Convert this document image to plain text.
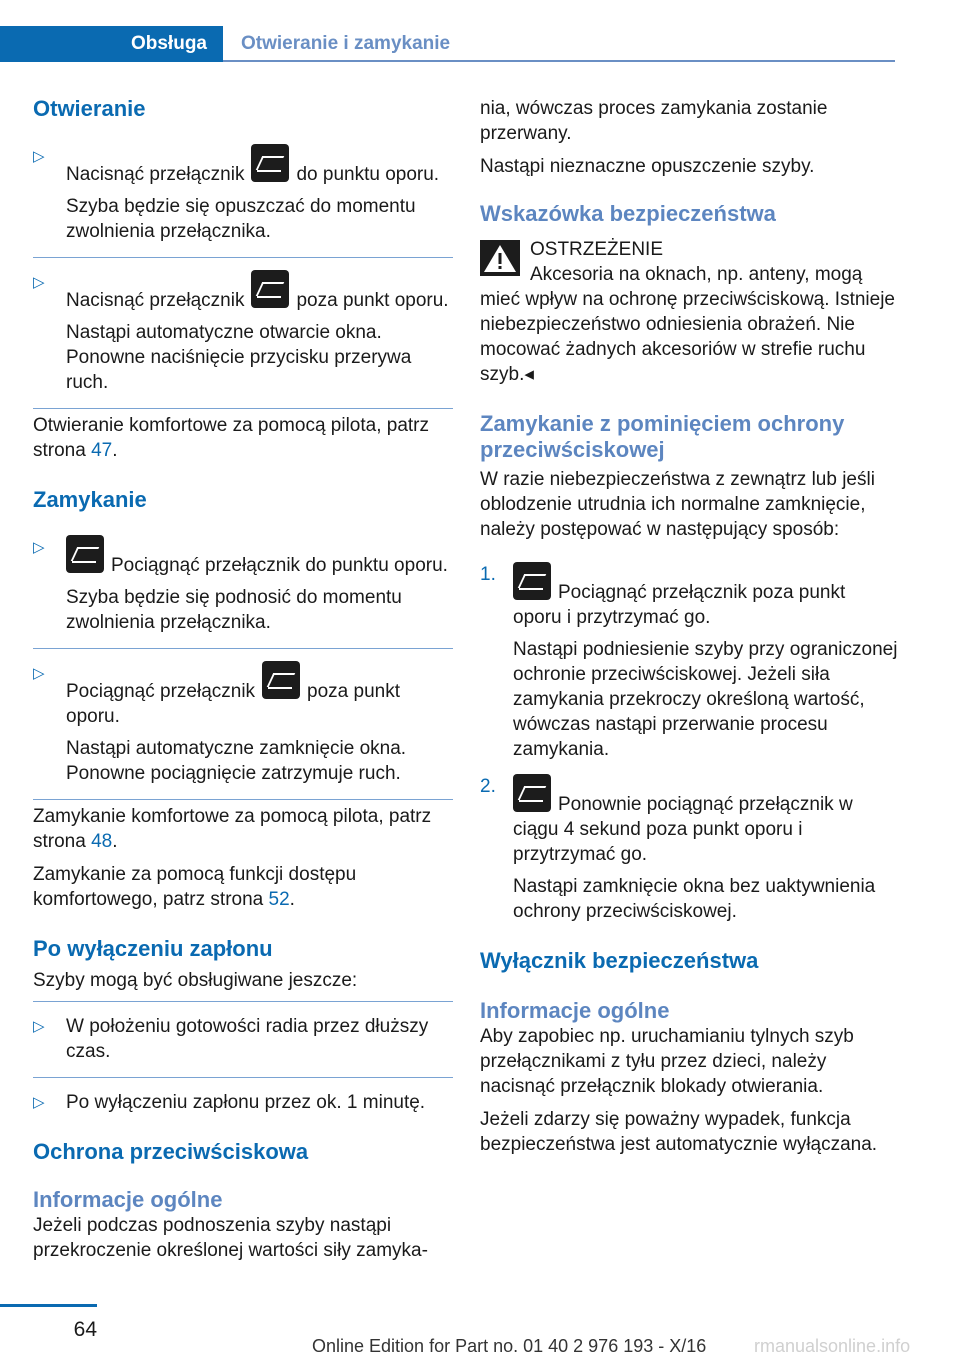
Obsługa	Otwieranie i zamykanie
Otwieranie
▷

Nacisnąć przełącznik	do punktu oporu.

Szyba będzie się opuszczać do momentu zwolnienia przełącznika.

▷

Nacisnąć przełącznik	poza punkt oporu.

Nastąpi automatyczne otwarcie okna. Ponowne naciśnięcie przycisku przerywa ruch.

Otwieranie komfortowe za pomocą pilota, patrz strona 47.

Zamykanie
▷

Pociągnąć przełącznik do punktu oporu.

Szyba będzie się podnosić do momentu zwolnienia przełącznika.

▷

Pociągnąć przełącznik	poza punkt oporu.

Nastąpi automatyczne zamknięcie okna. Ponowne pociągnięcie zatrzymuje ruch.

Zamykanie komfortowe za pomocą pilota, patrz strona 48.

Zamykanie za pomocą funkcji dostępu komfortowego, patrz strona 52.

Po wyłączeniu zapłonu

Szyby mogą być obsługiwane jeszcze:

▷ W położeniu gotowości radia przez dłuższy czas.

▷ Po wyłączeniu zapłonu przez ok. 1 minutę.

Ochrona przeciwściskowa
Informacje ogólne

Jeżeli podczas podnoszenia szyby nastąpi przekroczenie określonej wartości siły zamyka-

nia, wówczas proces zamykania zostanie przerwany.

Nastąpi nieznaczne opuszczenie szyby.

Wskazówka bezpieczeństwa

OSTRZEŻENIE

Akcesoria na oknach, np. anteny, mogą mieć wpływ na ochronę przeciwściskową. Istnieje niebezpieczeństwo odniesienia obrażeń. Nie mocować żadnych akcesoriów w strefie ruchu szyb.◂

Zamykanie z pominięciem ochrony przeciwściskowej

W razie niebezpieczeństwa z zewnątrz lub jeśli oblodzenie utrudnia ich normalne zamknięcie, należy postępować w następujący sposób:

1.

Pociągnąć przełącznik poza punkt oporu i przytrzymać go.

Nastąpi podniesienie szyby przy ograniczonej ochronie przeciwściskowej. Jeżeli siła zamykania przekroczy określoną wartość, wówczas nastąpi przerwanie procesu zamykania.

2.

Ponownie pociągnąć przełącznik w ciągu 4 sekund poza punkt oporu i przytrzymać go.

Nastąpi zamknięcie okna bez uaktywnienia ochrony przeciwściskowej.

Wyłącznik bezpieczeństwa
Informacje ogólne

Aby zapobiec np. uruchamianiu tylnych szyb przełącznikami z tyłu przez dzieci, należy nacisnąć przełącznik blokady otwierania.

Jeżeli zdarzy się poważny wypadek, funkcja bezpieczeństwa jest automatycznie wyłączana.

64
Online Edition for Part no. 01 40 2 976 193 - X/16	rmanualsonline.info
